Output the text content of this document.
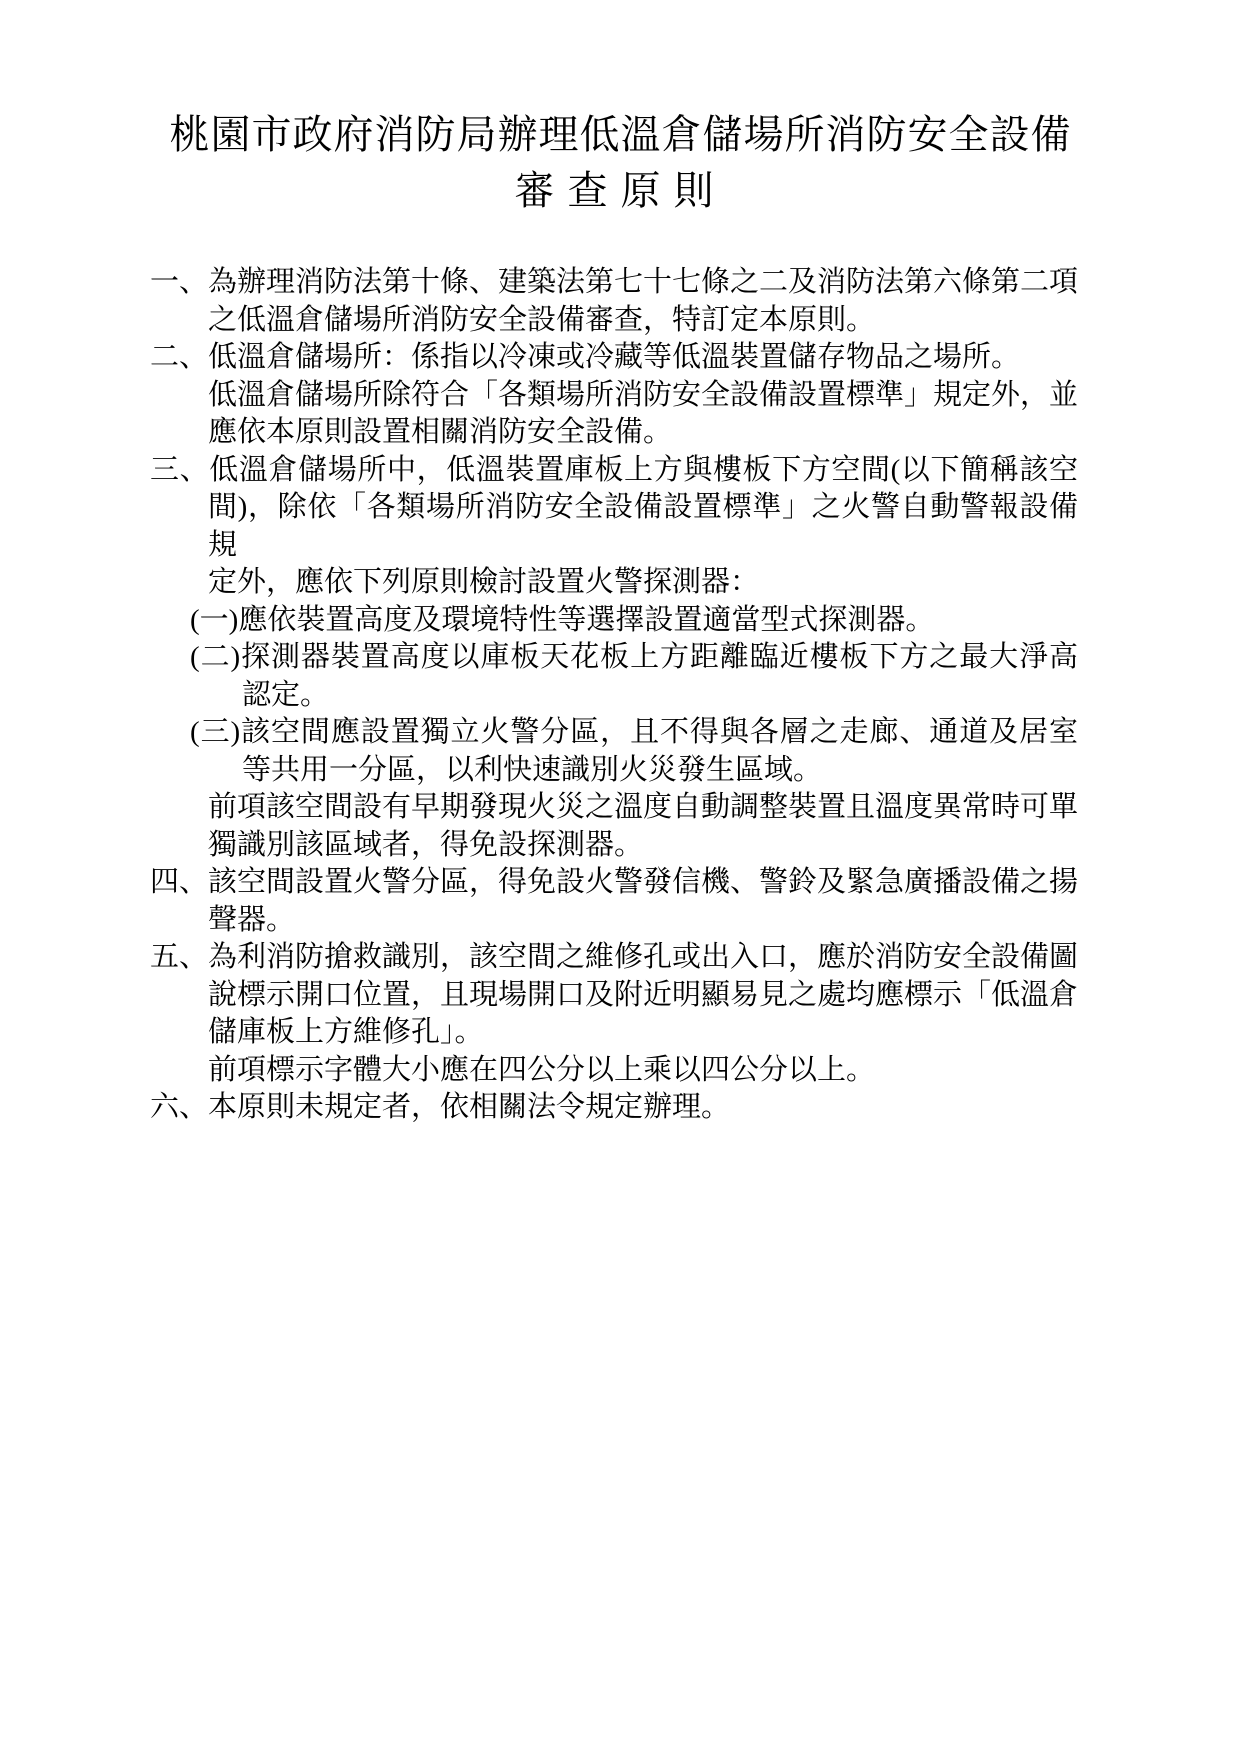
桃園市政府消防局辦理低溫倉儲場所消防安全設備
審查原則
一、為辦理消防法第十條、建築法第七十七條之二及消防法第六條第二項
之低溫倉儲場所消防安全設備審查，特訂定本原則。
二、低溫倉儲場所：係指以冷凍或冷藏等低溫裝置儲存物品之場所。
低溫倉儲場所除符合「各類場所消防安全設備設置標準」規定外，並
應依本原則設置相關消防安全設備。
三、低溫倉儲場所中，低溫裝置庫板上方與樓板下方空間(以下簡稱該空
間)，除依「各類場所消防安全設備設置標準」之火警自動警報設備規
定外，應依下列原則檢討設置火警探測器：
(一)應依裝置高度及環境特性等選擇設置適當型式探測器。
(二)探測器裝置高度以庫板天花板上方距離臨近樓板下方之最大淨高
認定。
(三)該空間應設置獨立火警分區，且不得與各層之走廊、通道及居室
等共用一分區，以利快速識別火災發生區域。
前項該空間設有早期發現火災之溫度自動調整裝置且溫度異常時可單
獨識別該區域者，得免設探測器。
四、該空間設置火警分區，得免設火警發信機、警鈴及緊急廣播設備之揚
聲器。
五、為利消防搶救識別，該空間之維修孔或出入口，應於消防安全設備圖
說標示開口位置，且現場開口及附近明顯易見之處均應標示「低溫倉
儲庫板上方維修孔」。
前項標示字體大小應在四公分以上乘以四公分以上。
六、本原則未規定者，依相關法令規定辦理。
